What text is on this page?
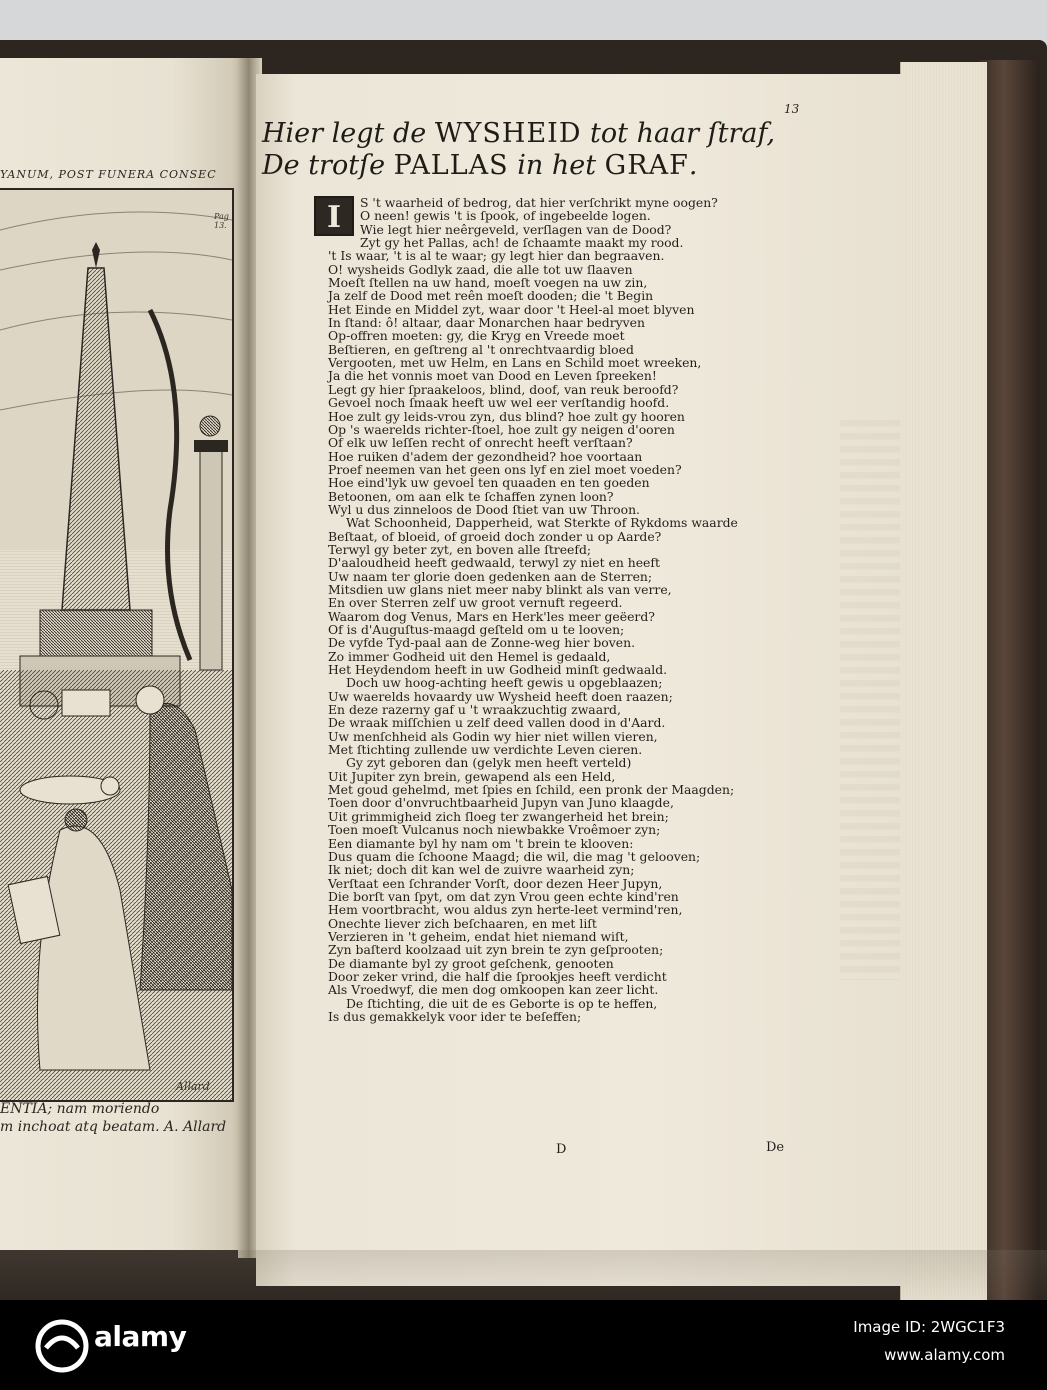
YANUM, POST FUNERA CONSEC
Pag 13.
Allard
ENTIA; nam moriendo
m inchoat atq beatam. A. Allard
13
Hier legt de WYSHEID tot haar ſtraf,
De trotſe PALLAS in het GRAF.
I	S 't waarheid of bedrog, dat hier verſchrikt myne oogen?
O neen! gewis 't is ſpook, of ingebeelde logen.
Wie legt hier neêrgeveld, verſlagen van de Dood?
Zyt gy het Pallas, ach! de ſchaamte maakt my rood.
't Is waar, 't is al te waar; gy legt hier dan begraaven.
O! wysheids Godlyk zaad, die alle tot uw ſlaaven
Moeſt ſtellen na uw hand, moeſt voegen na uw zin,
Ja zelf de Dood met reên moeſt dooden; die 't Begin
Het Einde en Middel zyt, waar door 't Heel-al moet blyven
In ſtand: ô! altaar, daar Monarchen haar bedryven
Op-offren moeten: gy, die Kryg en Vreede moet
Beſtieren, en geſtreng al 't onrechtvaardig bloed
Vergooten, met uw Helm, en Lans en Schild moet wreeken,
Ja die het vonnis moet van Dood en Leven ſpreeken!
Legt gy hier ſpraakeloos, blind, doof, van reuk beroofd?
Gevoel noch ſmaak heeft uw wel eer verſtandig hoofd.
Hoe zult gy leids-vrou zyn, dus blind? hoe zult gy hooren
Op 's waerelds richter-ſtoel, hoe zult gy neigen d'ooren
Of elk uw leſſen recht of onrecht heeft verſtaan?
Hoe ruiken d'adem der gezondheid? hoe voortaan
Proef neemen van het geen ons lyf en ziel moet voeden?
Hoe eind'lyk uw gevoel ten quaaden en ten goeden
Betoonen, om aan elk te ſchaffen zynen loon?
Wyl u dus zinneloos de Dood ſtiet van uw Throon.
Wat Schoonheid, Dapperheid, wat Sterkte of Rykdoms waarde
Beſtaat, of bloeid, of groeid doch zonder u op Aarde?
Terwyl gy beter zyt, en boven alle ſtreefd;
D'aaloudheid heeft gedwaald, terwyl zy niet en heeft
Uw naam ter glorie doen gedenken aan de Sterren;
Mitsdien uw glans niet meer naby blinkt als van verre,
En over Sterren zelf uw groot vernuft regeerd.
Waarom dog Venus, Mars en Herk'les meer geëerd?
Of is d'Auguſtus-maagd geſteld om u te looven;
De vyfde Tyd-paal aan de Zonne-weg hier boven.
Zo immer Godheid uit den Hemel is gedaald,
Het Heydendom heeft in uw Godheid minſt gedwaald.
Doch uw hoog-achting heeft gewis u opgeblaazen;
Uw waerelds hovaardy uw Wysheid heeft doen raazen;
En deze razerny gaf u 't wraakzuchtig zwaard,
De wraak miſſchien u zelf deed vallen dood in d'Aard.
Uw menſchheid als Godin wy hier niet willen vieren,
Met ſtichting zullende uw verdichte Leven cieren.
Gy zyt geboren dan (gelyk men heeft verteld)
Uit Jupiter zyn brein, gewapend als een Held,
Met goud gehelmd, met ſpies en ſchild, een pronk der Maagden;
Toen door d'onvruchtbaarheid Jupyn van Juno klaagde,
Uit grimmigheid zich ſloeg ter zwangerheid het brein;
Toen moeſt Vulcanus noch niewbakke Vroêmoer zyn;
Een diamante byl hy nam om 't brein te klooven:
Dus quam die ſchoone Maagd; die wil, die mag 't gelooven;
Ik niet; doch dit kan wel de zuivre waarheid zyn;
Verſtaat een ſchrander Vorſt, door dezen Heer Jupyn,
Die borſt van ſpyt, om dat zyn Vrou geen echte kind'ren
Hem voortbracht, wou aldus zyn herte-leet vermind'ren,
Onechte liever zich beſchaaren, en met liſt
Verzieren in 't geheim, endat hiet niemand wiſt,
Zyn baſterd koolzaad uit zyn brein te zyn geſprooten;
De diamante byl zy groot geſchenk, genooten
Door zeker vrind, die half die ſprookjes heeft verdicht
Als Vroedwyf, die men dog omkoopen kan zeer licht.
De ſtichting, die uit de es Geborte is op te heffen,
Is dus gemakkelyk voor ider te beſeffen;
D	De
alamy	Image ID: 2WGC1F3
www.alamy.com
